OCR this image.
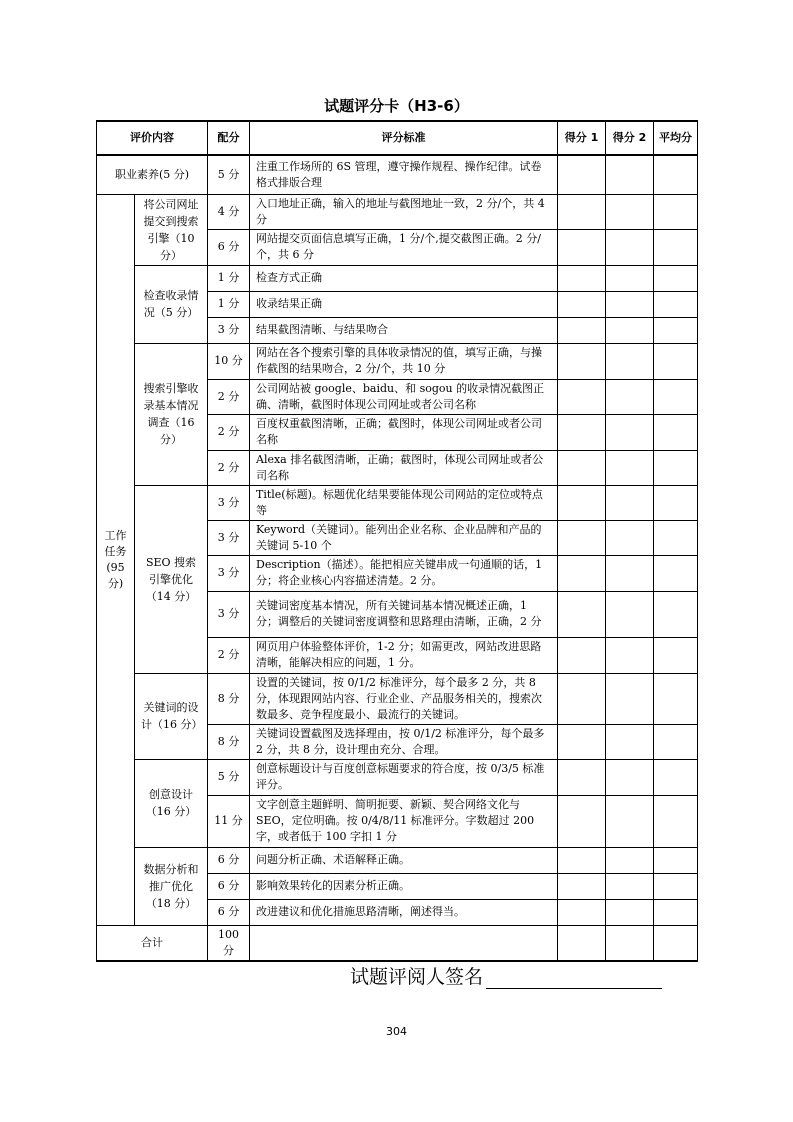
试题评分卡（H3-6）
评价内容		配分	评分标准	得分 1	得分 2	平均分
职业素养(5 分)		5 分	注重工作场所的 6S 管理，遵守操作规程、操作纪律。试卷格式排版合理			
工作任务(95分)	将公司网址提交到搜索引擎（10 分）	4 分	入口地址正确，输入的地址与截图地址一致，2 分/个，共 4 分			
		6 分	网站提交页面信息填写正确，1 分/个,提交截图正确。2 分/个，共 6 分			
	检查收录情况（5 分）	1 分	检查方式正确			
		1 分	收录结果正确			
		3 分	结果截图清晰、与结果吻合			
	搜索引擎收录基本情况调查（16 分）	10 分	网站在各个搜索引擎的具体收录情况的值，填写正确，与操作截图的结果吻合，2 分/个，共 10 分			
		2 分	公司网站被 google、baidu、和 sogou 的收录情况截图正确、清晰，截图时体现公司网址或者公司名称			
		2 分	百度权重截图清晰，正确；截图时，体现公司网址或者公司名称			
		2 分	Alexa 排名截图清晰，正确；截图时，体现公司网址或者公司名称			
	SEO 搜索引擎优化（14 分）	3 分	Title(标题)。标题优化结果要能体现公司网站的定位或特点等			
		3 分	Keyword（关键词）。能列出企业名称、企业品牌和产品的关键词 5-10 个			
		3 分	Description（描述）。能把相应关键串成一句通顺的话，1 分；将企业核心内容描述清楚。2 分。			
		3 分	关键词密度基本情况，所有关键词基本情况概述正确，1 分；调整后的关键词密度调整和思路理由清晰，正确，2 分			
		2 分	网页用户体验整体评价，1-2 分；如需更改，网站改进思路清晰，能解决相应的问题，1 分。			
	关键词的设计（16 分）	8 分	设置的关键词，按 0/1/2 标准评分，每个最多 2 分，共 8 分，体现跟网站内容、行业企业、产品服务相关的，搜索次数最多、竞争程度最小、最流行的关键词。			
		8 分	关键词设置截图及选择理由，按 0/1/2 标准评分，每个最多 2 分，共 8 分，设计理由充分、合理。			
	创意设计（16 分）	5 分	创意标题设计与百度创意标题要求的符合度，按 0/3/5 标准评分。			
		11 分	文字创意主题鲜明、简明扼要、新颖、契合网络文化与 SEO，定位明确。按 0/4/8/11 标准评分。字数超过 200 字，或者低于 100 字扣 1 分			
	数据分析和推广优化（18 分）	6 分	问题分析正确、术语解释正确。			
		6 分	影响效果转化的因素分析正确。			
		6 分	改进建议和优化措施思路清晰，阐述得当。			
合计		100 分				
试题评阅人签名
304
